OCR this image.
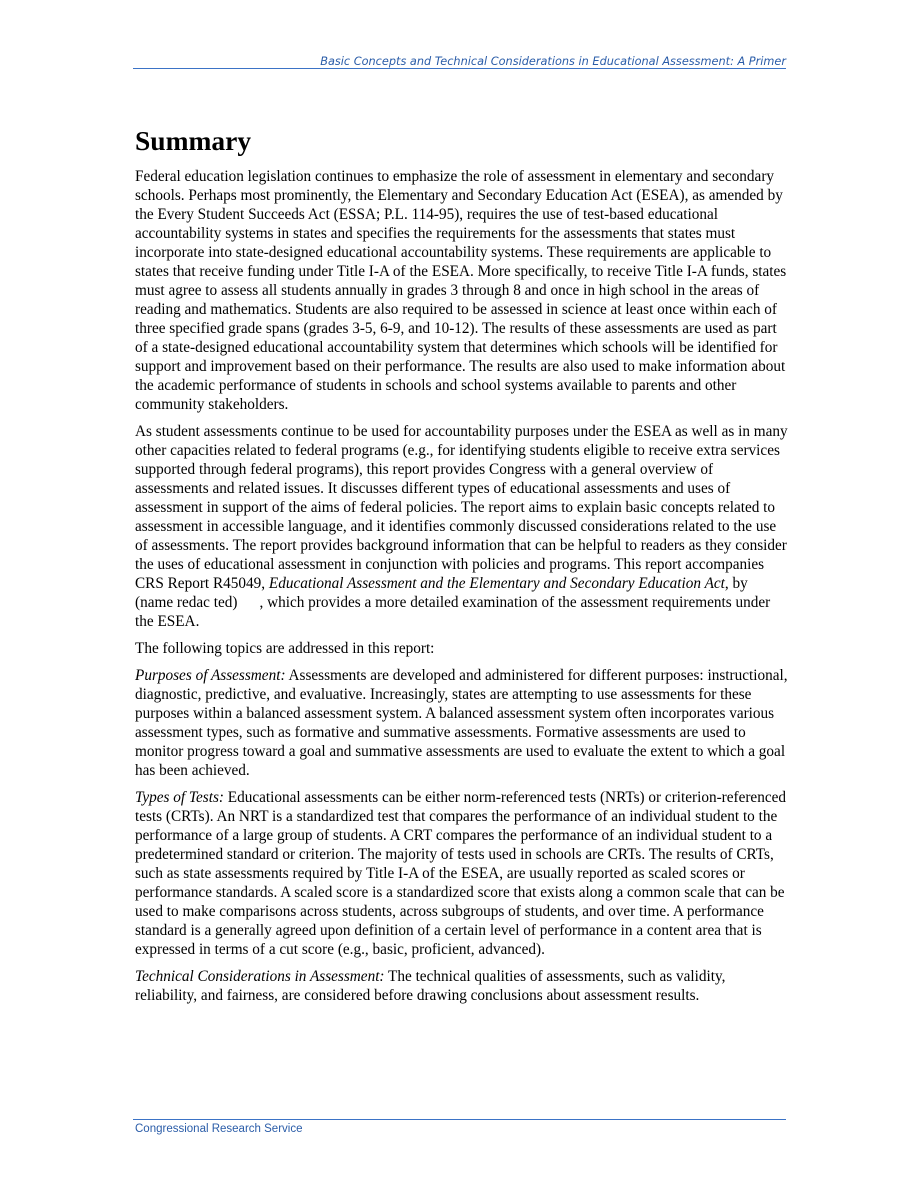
Basic Concepts and Technical Considerations in Educational Assessment: A Primer
Summary

Federal education legislation continues to emphasize the role of assessment in elementary and secondary schools. Perhaps most prominently, the Elementary and Secondary Education Act (ESEA), as amended by the Every Student Succeeds Act (ESSA; P.L. 114-95), requires the use of test-based educational accountability systems in states and specifies the requirements for the assessments that states must incorporate into state-designed educational accountability systems. These requirements are applicable to states that receive funding under Title I-A of the ESEA. More specifically, to receive Title I-A funds, states must agree to assess all students annually in grades 3 through 8 and once in high school in the areas of reading and mathematics. Students are also required to be assessed in science at least once within each of three specified grade spans (grades 3-5, 6-9, and 10-12). The results of these assessments are used as part of a state-designed educational accountability system that determines which schools will be identified for support and improvement based on their performance. The results are also used to make information about the academic performance of students in schools and school systems available to parents and other community stakeholders.

As student assessments continue to be used for accountability purposes under the ESEA as well as in many other capacities related to federal programs (e.g., for identifying students eligible to receive extra services supported through federal programs), this report provides Congress with a general overview of assessments and related issues. It discusses different types of educational assessments and uses of assessment in support of the aims of federal policies. The report aims to explain basic concepts related to assessment in accessible language, and it identifies commonly discussed considerations related to the use of assessments. The report provides background information that can be helpful to readers as they consider the uses of educational assessment in conjunction with policies and programs. This report accompanies CRS Report R45049, Educational Assessment and the Elementary and Secondary Education Act, by (name redac ted) , which provides a more detailed examination of the assessment requirements under the ESEA.

The following topics are addressed in this report:

Purposes of Assessment: Assessments are developed and administered for different purposes: instructional, diagnostic, predictive, and evaluative. Increasingly, states are attempting to use assessments for these purposes within a balanced assessment system. A balanced assessment system often incorporates various assessment types, such as formative and summative assessments. Formative assessments are used to monitor progress toward a goal and summative assessments are used to evaluate the extent to which a goal has been achieved.

Types of Tests: Educational assessments can be either norm-referenced tests (NRTs) or criterion-referenced tests (CRTs). An NRT is a standardized test that compares the performance of an individual student to the performance of a large group of students. A CRT compares the performance of an individual student to a predetermined standard or criterion. The majority of tests used in schools are CRTs. The results of CRTs, such as state assessments required by Title I-A of the ESEA, are usually reported as scaled scores or performance standards. A scaled score is a standardized score that exists along a common scale that can be used to make comparisons across students, across subgroups of students, and over time. A performance standard is a generally agreed upon definition of a certain level of performance in a content area that is expressed in terms of a cut score (e.g., basic, proficient, advanced).

Technical Considerations in Assessment: The technical qualities of assessments, such as validity, reliability, and fairness, are considered before drawing conclusions about assessment results.

Congressional Research Service
